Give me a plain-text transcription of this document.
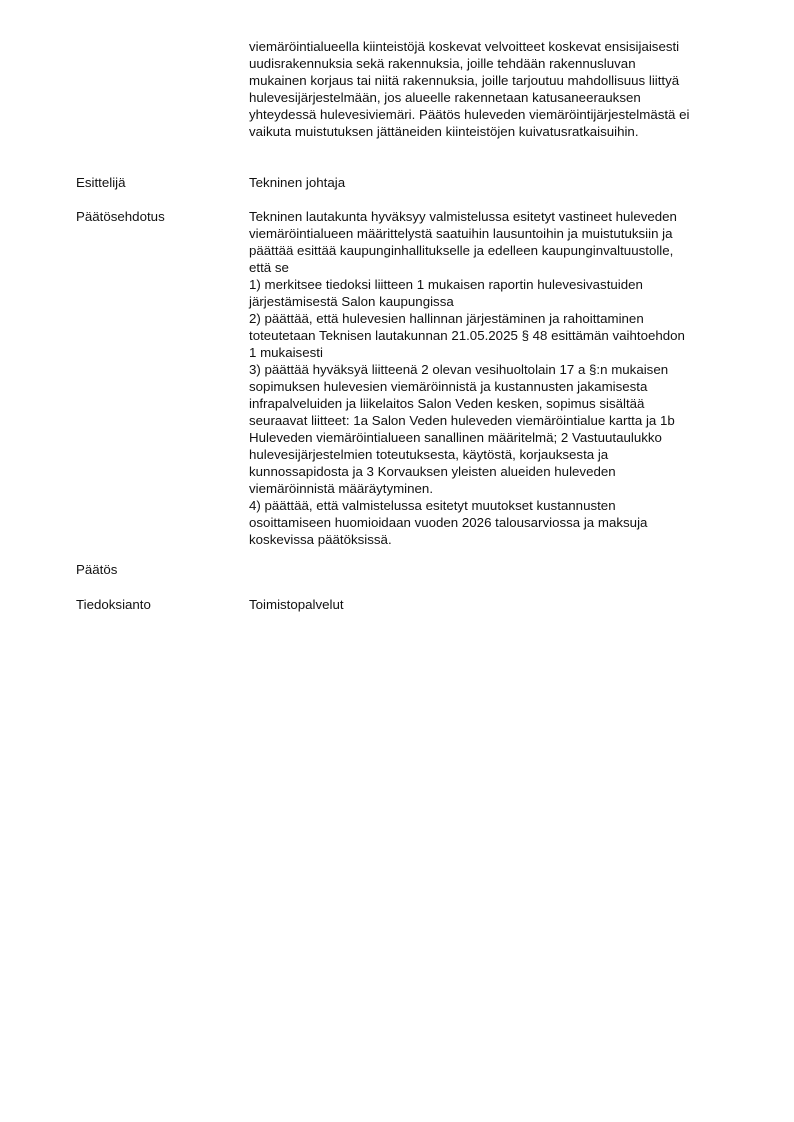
viemäröintialueella kiinteistöjä koskevat velvoitteet koskevat ensisijaisesti
uudisrakennuksia sekä rakennuksia, joille tehdään rakennusluvan
mukainen korjaus tai niitä rakennuksia, joille tarjoutuu mahdollisuus liittyä
hulevesijärjestelmään, jos alueelle rakennetaan katusaneerauksen
yhteydessä hulevesiviemäri. Päätös huleveden viemäröintijärjestelmästä ei
vaikuta muistutuksen jättäneiden kiinteistöjen kuivatusratkaisuihin.
Esittelijä	Tekninen johtaja
Päätösehdotus	Tekninen lautakunta hyväksyy valmistelussa esitetyt vastineet huleveden
viemäröintialueen määrittelystä saatuihin lausuntoihin ja muistutuksiin ja
päättää esittää kaupunginhallitukselle ja edelleen kaupunginvaltuustolle,
että se
1) merkitsee tiedoksi liitteen 1 mukaisen raportin hulevesivastuiden
järjestämisestä Salon kaupungissa
2) päättää, että hulevesien hallinnan järjestäminen ja rahoittaminen
toteutetaan Teknisen lautakunnan 21.05.2025 § 48 esittämän vaihtoehdon
1 mukaisesti
3) päättää hyväksyä liitteenä 2 olevan vesihuoltolain 17 a §:n mukaisen
sopimuksen hulevesien viemäröinnistä ja kustannusten jakamisesta
infrapalveluiden ja liikelaitos Salon Veden kesken, sopimus sisältää
seuraavat liitteet: 1a Salon Veden huleveden viemäröintialue kartta ja 1b
Huleveden viemäröintialueen sanallinen määritelmä; 2 Vastuutaulukko
hulevesijärjestelmien toteutuksesta, käytöstä, korjauksesta ja
kunnossapidosta ja 3 Korvauksen yleisten alueiden huleveden
viemäröinnistä määräytyminen.
4) päättää, että valmistelussa esitetyt muutokset kustannusten
osoittamiseen huomioidaan vuoden 2026 talousarviossa ja maksuja
koskevissa päätöksissä.
Päätös
Tiedoksianto	Toimistopalvelut
